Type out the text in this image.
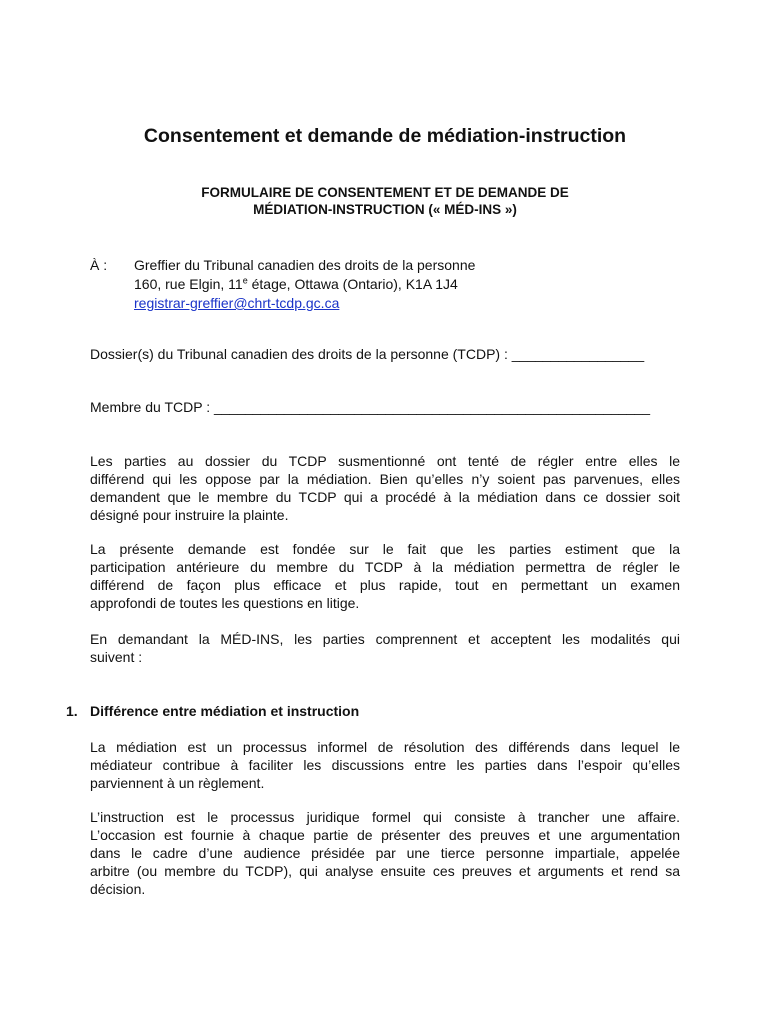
Consentement et demande de médiation-instruction
FORMULAIRE DE CONSENTEMENT ET DE DEMANDE DE
MÉDIATION-INSTRUCTION (« MÉD-INS »)
À : Greffier du Tribunal canadien des droits de la personne
160, rue Elgin, 11e étage, Ottawa (Ontario), K1A 1J4
registrar-greffier@chrt-tcdp.gc.ca
Dossier(s) du Tribunal canadien des droits de la personne (TCDP) : _________________
Membre du TCDP : ________________________________________________________

Les parties au dossier du TCDP susmentionné ont tenté de régler entre elles le
différend qui les oppose par la médiation. Bien qu’elles n’y soient pas parvenues, elles
demandent que le membre du TCDP qui a procédé à la médiation dans ce dossier soit
désigné pour instruire la plainte.

La présente demande est fondée sur le fait que les parties estiment que la
participation antérieure du membre du TCDP à la médiation permettra de régler le
différend de façon plus efficace et plus rapide, tout en permettant un examen
approfondi de toutes les questions en litige.

En demandant la MÉD-INS, les parties comprennent et acceptent les modalités qui
suivent :

1. Différence entre médiation et instruction

La médiation est un processus informel de résolution des différends dans lequel le
médiateur contribue à faciliter les discussions entre les parties dans l’espoir qu’elles
parviennent à un règlement.

L’instruction est le processus juridique formel qui consiste à trancher une affaire.
L’occasion est fournie à chaque partie de présenter des preuves et une argumentation
dans le cadre d’une audience présidée par une tierce personne impartiale, appelée
arbitre (ou membre du TCDP), qui analyse ensuite ces preuves et arguments et rend sa
décision.
